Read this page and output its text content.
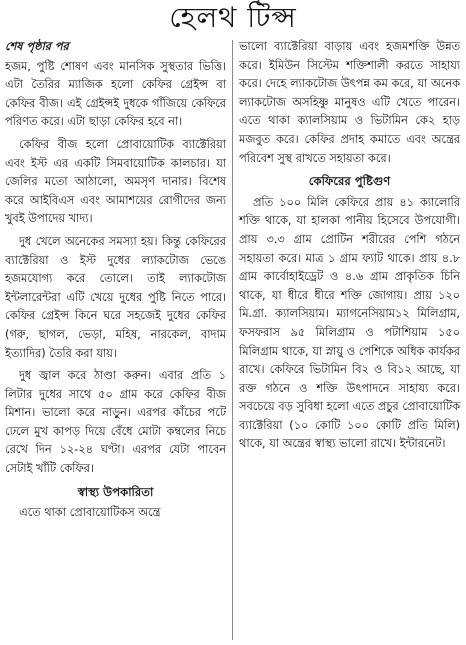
হেলথ টিপ্স
শেষ পৃষ্ঠার পর

হজম, পুষ্টি শোষণ এবং মানসিক সুস্থতার ভিত্তি। এটা তৈরির ম্যাজিক হলো কেফির গ্রেইন্স বা কেফির বীজ। এই গ্রেইন্সই দুধকে গাঁজিয়ে কেফিরে পরিণত করে। এটা ছাড়া কেফির হবে না।

কেফির বীজ হলো প্রোবায়োটিক ব্যাক্টেরিয়া এবং ইস্ট এর একটি সিমবায়োটিক কালচার। যা জেলির মতো আঠালো, অমসৃণ দানার। বিশেষ করে আইবিএস এবং আমাশয়ের রোগীদের জন্য খুবই উপাদেয় খাদ্য।

দুধ খেলে অনেকের সমস্যা হয়। কিন্তু কেফিরের ব্যাক্টেরিয়া ও ইস্ট দুধের ল্যাকটোজ ভেঙে হজমযোগ্য করে তোলে। তাই ল্যাকটোজ ইন্টলারেন্টরা এটি খেয়ে দুধের পুষ্টি নিতে পারে। কেফির গ্রেইন্স কিনে ঘরে সহজেই দুধের কেফির (গরু, ছাগল, ভেড়া, মহিষ, নারকেল, বাদাম ইত্যাদির) তৈরি করা যায়।

দুধ জ্বাল করে ঠাণ্ডা করুন। এবার প্রতি ১ লিটার দুধের সাথে ৫০ গ্রাম করে কেফির বীজ মিশান। ভালো করে নাড়ুন। এরপর কাঁচের পটে ঢেলে মুখ কাপড় দিয়ে বেঁধে মোটা কম্বলের নিচে রেখে দিন ১২-২৪ ঘণ্টা। এরপর যেটা পাবেন সেটাই খাঁটি কেফির।

স্বাস্থ্য উপকারিতা

এতে থাকা প্রোবায়োটিকস অন্ত্রে

ভালো ব্যাক্টেরিয়া বাড়ায় এবং হজমশক্তি উন্নত করে। ইমিউন সিস্টেম শক্তিশালী করতে সাহায্য করে। দেহে ল্যাকটোজ উৎপন্ন কম করে, যা অনেক ল্যাকটোজ অসহিষ্ণু মানুষও এটি খেতে পারেন। এতে থাকা ক্যালসিয়াম ও ভিটামিন কে২ হাড় মজবুত করে। কেফির প্রদাহ কমাতে এবং অন্ত্রের পরিবেশ সুস্থ রাখতে সহায়তা করে।

কেফিরের পুষ্টিগুণ

প্রতি ১০০ মিলি কেফিরে প্রায় ৪১ ক্যালোরি শক্তি থাকে, যা হালকা পানীয় হিসেবে উপযোগী। প্রায় ৩.৩ গ্রাম প্রোটিন শরীরের পেশি গঠনে সহায়তা করে। মাত্র ১ গ্রাম ফ্যাট থাকে। প্রায় ৪.৮ গ্রাম কার্বোহাইড্রেট ও ৪.৬ গ্রাম প্রাকৃতিক চিনি থাকে, যা ধীরে ধীরে শক্তি জোগায়। প্রায় ১২০ মি.গ্রা. ক্যালসিয়াম। ম্যাগনেসিয়াম১২ মিলিগ্রাম, ফসফরাস ৯৫ মিলিগ্রাম ও পটাশিয়াম ১৫০ মিলিগ্রাম থাকে, যা স্নায়ু ও পেশিকে অধিক কার্যকর রাখে। কেফিরে ভিটামিন বি২ ও বি১২ আছে, যা রক্ত গঠনে ও শক্তি উৎপাদনে সাহায্য করে। সবচেয়ে বড় সুবিধা হলো এতে প্রচুর প্রোবায়োটিক ব্যাক্টেরিয়া (১০ কোটি ১০০ কোটি প্রতি মিলি) থাকে, যা অন্ত্রের স্বাস্থ্য ভালো রাখে। ইন্টারনেট।
